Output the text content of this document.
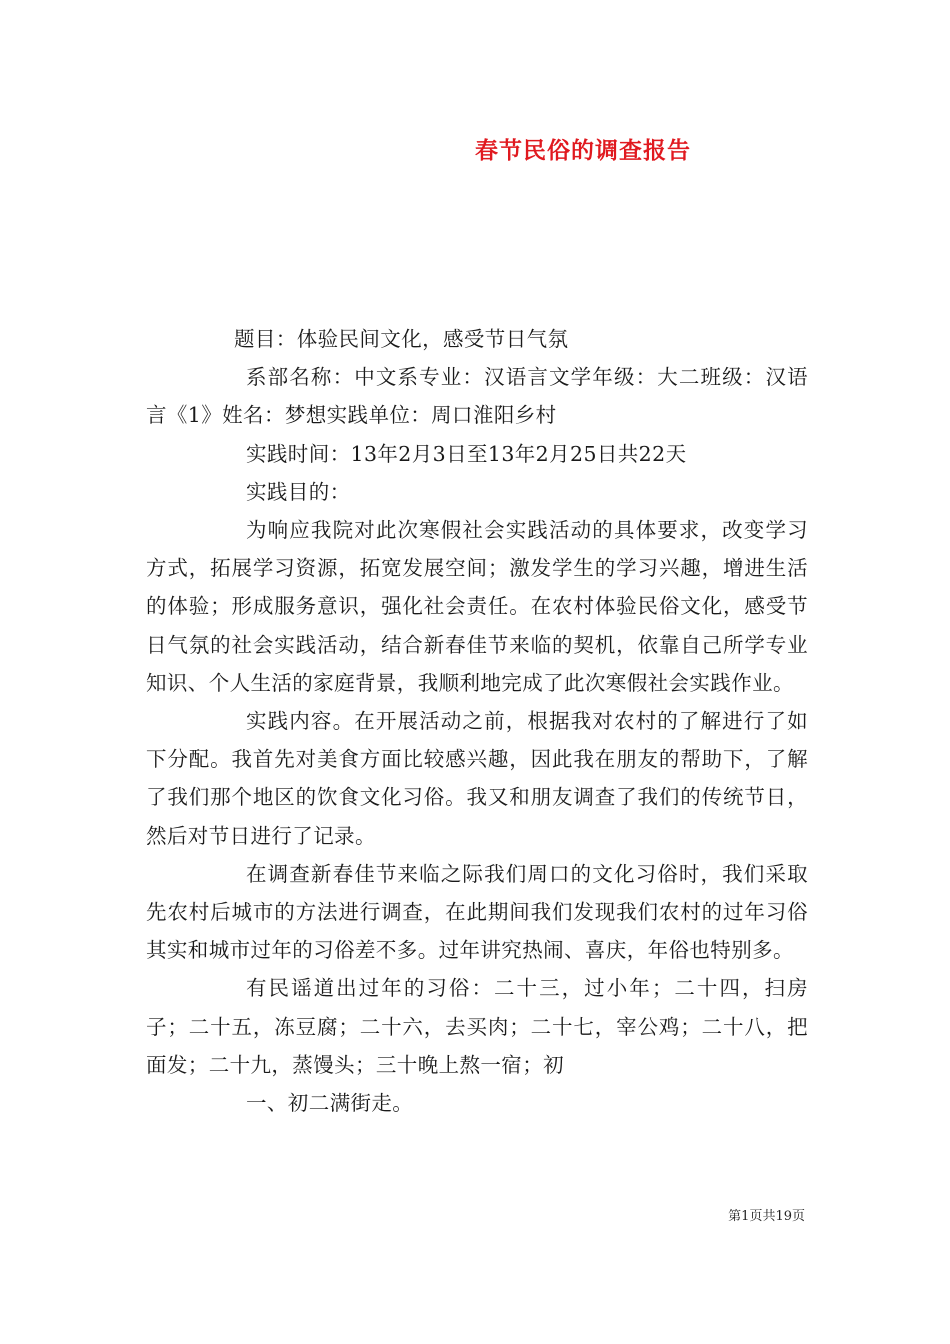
春节民俗的调查报告

题目：体验民间文化，感受节日气氛

系部名称：中文系专业：汉语言文学年级：大二班级：汉语言《1》姓名：梦想实践单位：周口淮阳乡村

实践时间：13年2月3日至13年2月25日共22天

实践目的：

为响应我院对此次寒假社会实践活动的具体要求，改变学习方式，拓展学习资源，拓宽发展空间；激发学生的学习兴趣，增进生活的体验；形成服务意识，强化社会责任。在农村体验民俗文化，感受节日气氛的社会实践活动，结合新春佳节来临的契机，依靠自己所学专业知识、个人生活的家庭背景，我顺利地完成了此次寒假社会实践作业。

实践内容。在开展活动之前，根据我对农村的了解进行了如下分配。我首先对美食方面比较感兴趣，因此我在朋友的帮助下，了解了我们那个地区的饮食文化习俗。我又和朋友调查了我们的传统节日，然后对节日进行了记录。

在调查新春佳节来临之际我们周口的文化习俗时，我们采取先农村后城市的方法进行调查，在此期间我们发现我们农村的过年习俗其实和城市过年的习俗差不多。过年讲究热闹、喜庆，年俗也特别多。

有民谣道出过年的习俗：二十三，过小年；二十四，扫房子；二十五，冻豆腐；二十六，去买肉；二十七，宰公鸡；二十八，把面发；二十九，蒸馒头；三十晚上熬一宿；初

一、初二满街走。

第1页共19页
